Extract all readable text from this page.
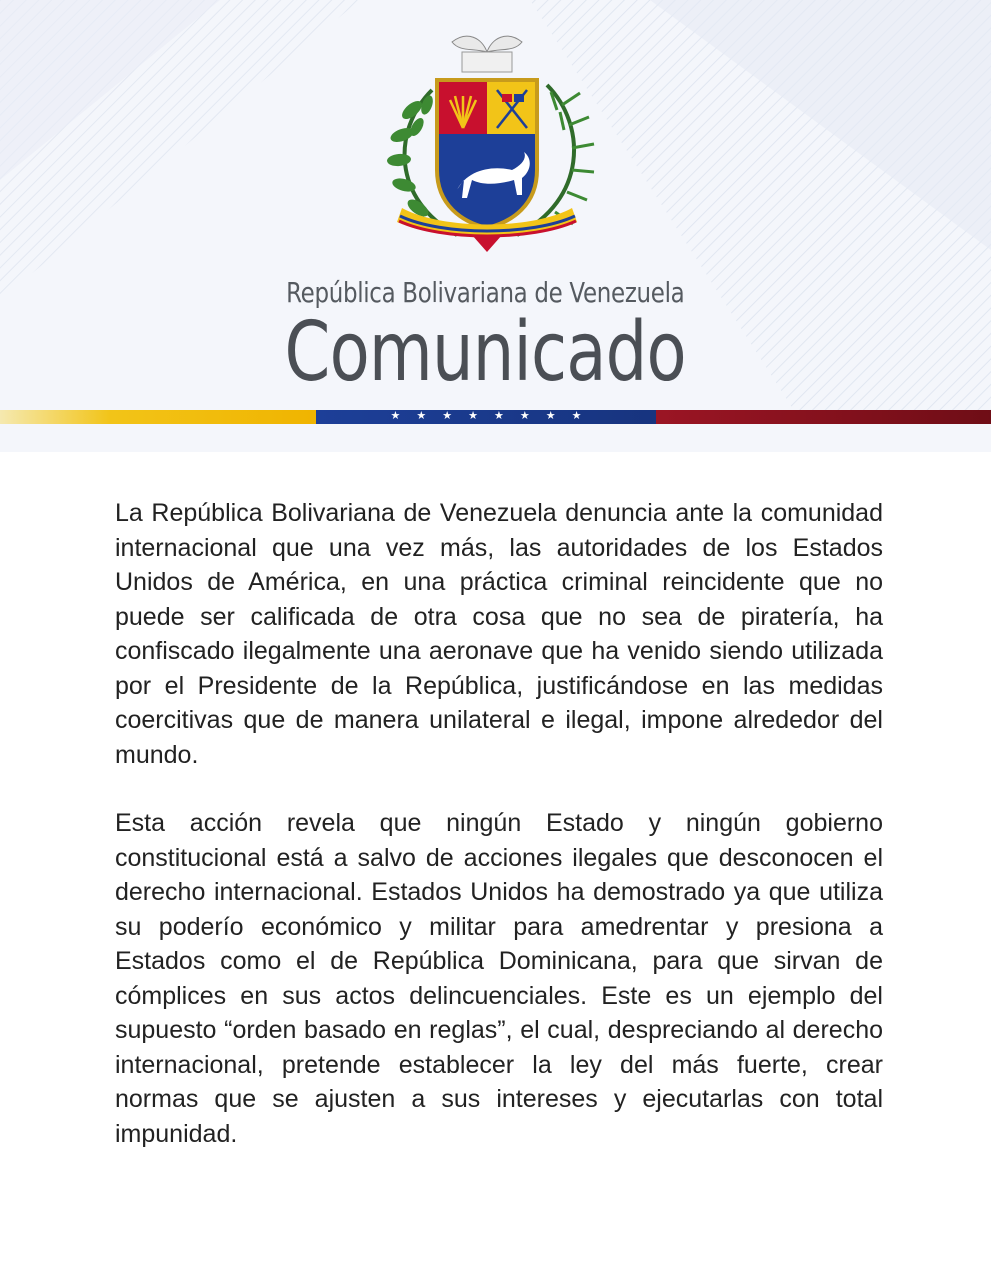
República Bolivariana de Venezuela
Comunicado
★ ★ ★ ★ ★ ★ ★ ★

La República Bolivariana de Venezuela denuncia ante la comunidad internacional que una vez más, las autoridades de los Estados Unidos de América, en una práctica criminal reincidente que no puede ser calificada de otra cosa que no sea de piratería, ha confiscado ilegalmente una aeronave que ha venido siendo utilizada por el Presidente de la República, justificándose en las medidas coercitivas que de manera unilateral e ilegal, impone alrededor del mundo.

Esta acción revela que ningún Estado y ningún gobierno constitucional está a salvo de acciones ilegales que desconocen el derecho internacional. Estados Unidos ha demostrado ya que utiliza su poderío económico y militar para amedrentar y presiona a Estados como el de República Dominicana, para que sirvan de cómplices en sus actos delincuenciales. Este es un ejemplo del supuesto “orden basado en reglas”, el cual, despreciando al derecho internacional, pretende establecer la ley del más fuerte, crear normas que se ajusten a sus intereses y ejecutarlas con total impunidad.
